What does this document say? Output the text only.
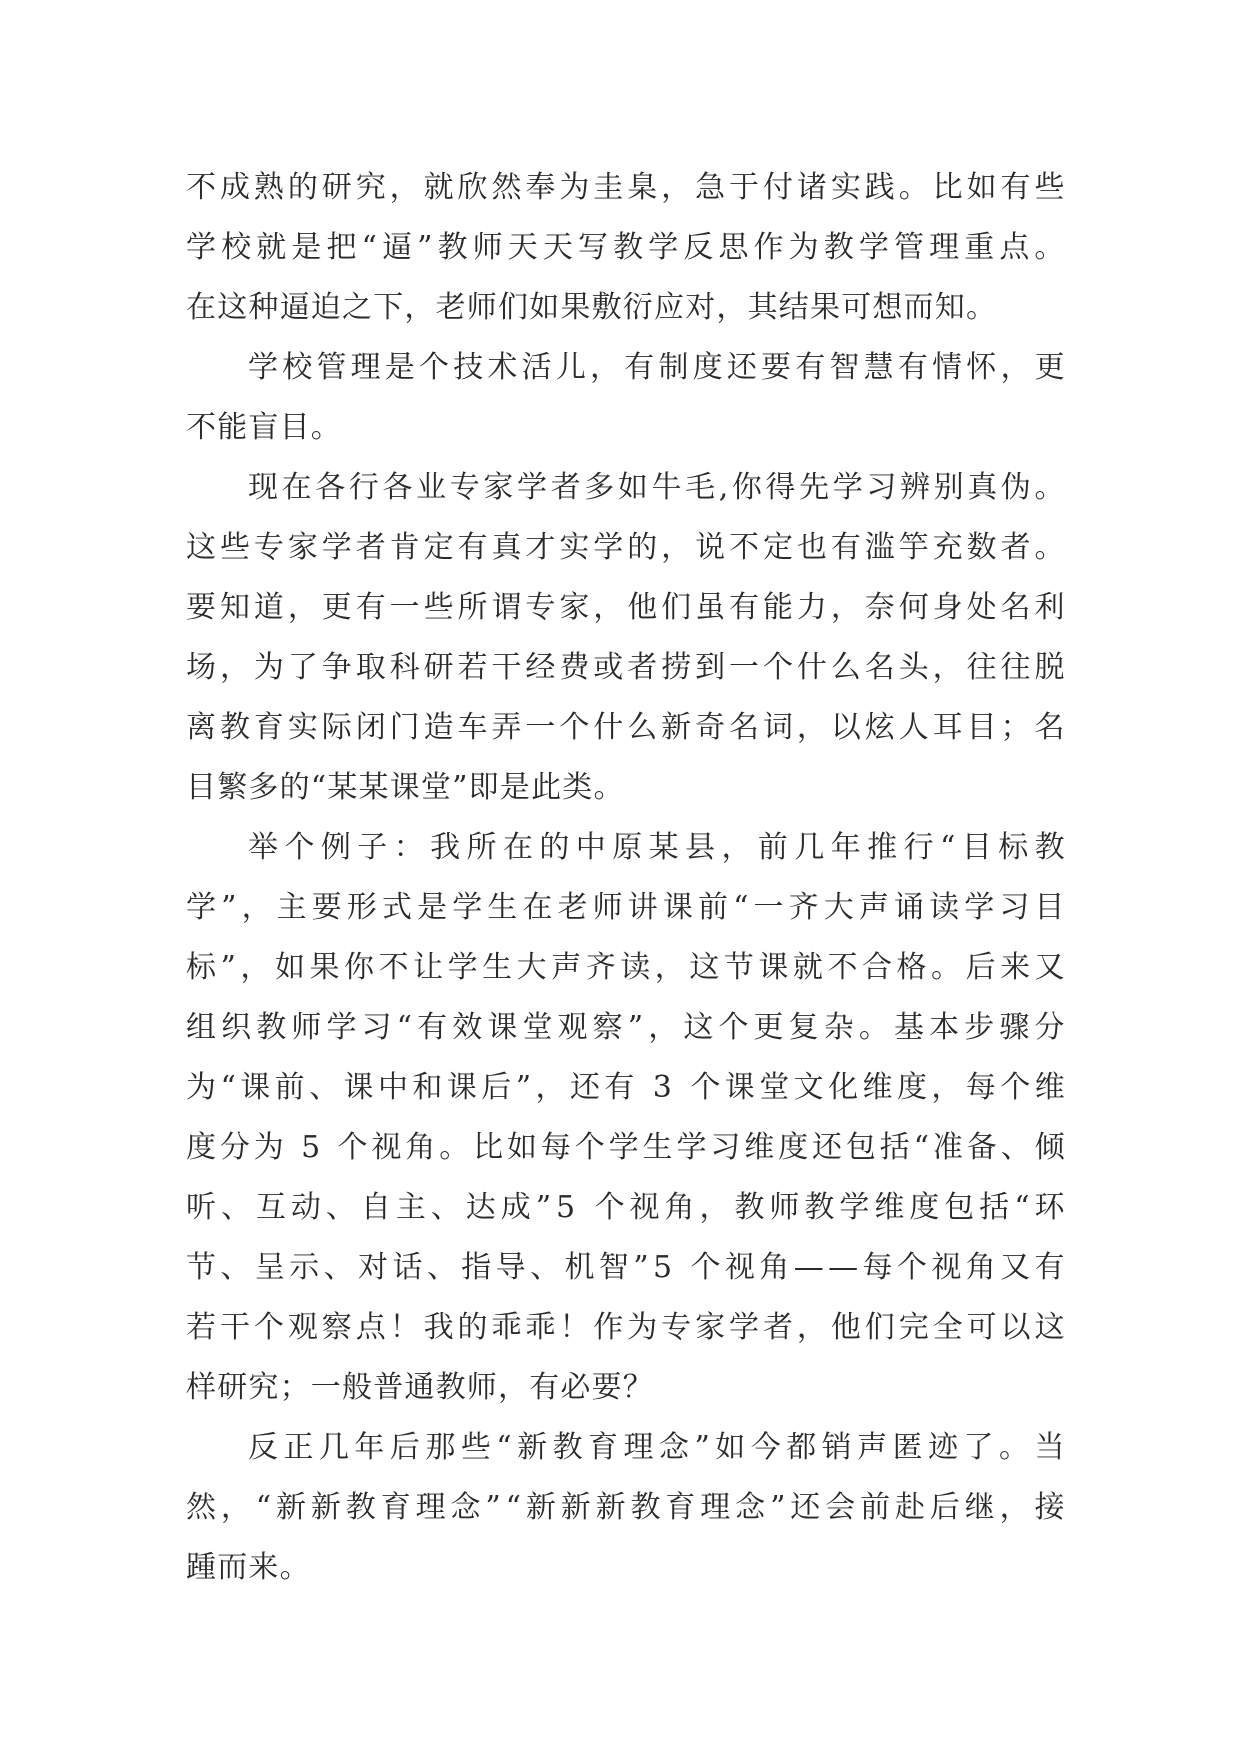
不 成 熟 的 研 究 ， 就 欣 然 奉 为 圭 臬 ， 急 于 付 诸 实 践 。 比 如 有 些
学 校 就 是 把 “ 逼 ” 教 师 天 天 写 教 学 反 思 作 为 教 学 管 理 重 点 。
在这种逼迫之下，老师们如果敷衍应对，其结果可想而知。
学 校 管 理 是 个 技 术 活 儿 ， 有 制 度 还 要 有 智 慧 有 情 怀 ， 更
不能盲目。
现 在 各 行 各 业 专 家 学 者 多 如 牛 毛 , 你 得 先 学 习 辨 别 真 伪 。
这 些 专 家 学 者 肯 定 有 真 才 实 学 的 ， 说 不 定 也 有 滥 竽 充 数 者 。
要 知 道 ， 更 有 一 些 所 谓 专 家 ， 他 们 虽 有 能 力 ， 奈 何 身 处 名 利
场 ， 为 了 争 取 科 研 若 干 经 费 或 者 捞 到 一 个 什 么 名 头 ， 往 往 脱
离 教 育 实 际 闭 门 造 车 弄 一 个 什 么 新 奇 名 词 ， 以 炫 人 耳 目 ； 名
目繁多的“某某课堂”即是此类。
举 个 例 子 ： 我 所 在 的 中 原 某 县 ， 前 几 年 推 行 “ 目 标 教
学 ” ， 主 要 形 式 是 学 生 在 老 师 讲 课 前 “ 一 齐 大 声 诵 读 学 习 目
标 ” ， 如 果 你 不 让 学 生 大 声 齐 读 ， 这 节 课 就 不 合 格 。 后 来 又
组 织 教 师 学 习 “ 有 效 课 堂 观 察 ” ， 这 个 更 复 杂 。 基 本 步 骤 分
为 “ 课 前 、 课 中 和 课 后 ” ， 还 有
3
个 课 堂 文 化 维 度 ， 每 个 维
度 分 为
5
个 视 角 。 比 如 每 个 学 生 学 习 维 度 还 包 括 “ 准 备 、 倾
听 、 互 动 、 自 主 、 达 成 ” 5
个 视 角 ， 教 师 教 学 维 度 包 括 “ 环
节 、 呈 示 、 对 话 、 指 导 、 机 智 ” 5
个 视 角 — — 每 个 视 角 又 有
若 干 个 观 察 点 ！ 我 的 乖 乖 ！ 作 为 专 家 学 者 ， 他 们 完 全 可 以 这
样研究；一般普通教师，有必要？
反 正 几 年 后 那 些 “ 新 教 育 理 念 ” 如 今 都 销 声 匿 迹 了 。 当
然 ， “ 新 新 教 育 理 念 ” “ 新 新 新 教 育 理 念 ” 还 会 前 赴 后 继 ， 接
踵而来。
